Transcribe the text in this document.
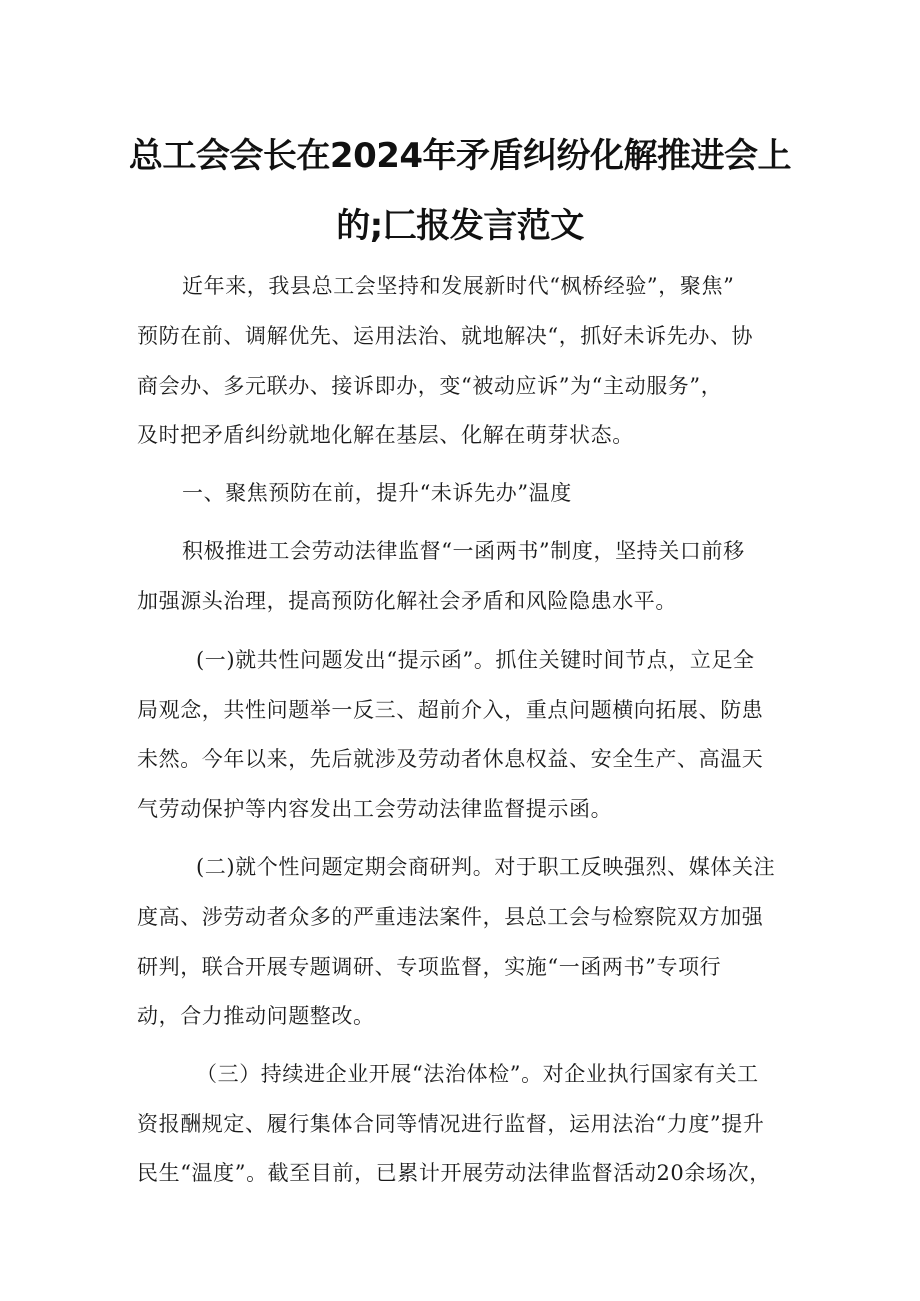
总工会会长在2024年矛盾纠纷化解推进会上
的;匚报发言范文
近年来，我县总工会坚持和发展新时代“枫桥经验”，聚焦”
预防在前、调解优先、运用法治、就地解决“，抓好未诉先办、协
商会办、多元联办、接诉即办，变“被动应诉”为“主动服务”，
及时把矛盾纠纷就地化解在基层、化解在萌芽状态。
一、聚焦预防在前，提升“未诉先办”温度
积极推进工会劳动法律监督“一函两书”制度，坚持关口前移
加强源头治理，提高预防化解社会矛盾和风险隐患水平。
(一)就共性问题发出“提示函”。抓住关键时间节点，立足全
局观念，共性问题举一反三、超前介入，重点问题横向拓展、防患
未然。今年以来，先后就涉及劳动者休息权益、安全生产、高温天
气劳动保护等内容发出工会劳动法律监督提示函。
(二)就个性问题定期会商研判。对于职工反映强烈、媒体关注
度高、涉劳动者众多的严重违法案件，县总工会与检察院双方加强
研判，联合开展专题调研、专项监督，实施“一函两书”专项行
动，合力推动问题整改。
（三）持续进企业开展“法治体检”。对企业执行国家有关工
资报酬规定、履行集体合同等情况进行监督，运用法治“力度”提升
民生“温度”。截至目前，已累计开展劳动法律监督活动20余场次，
